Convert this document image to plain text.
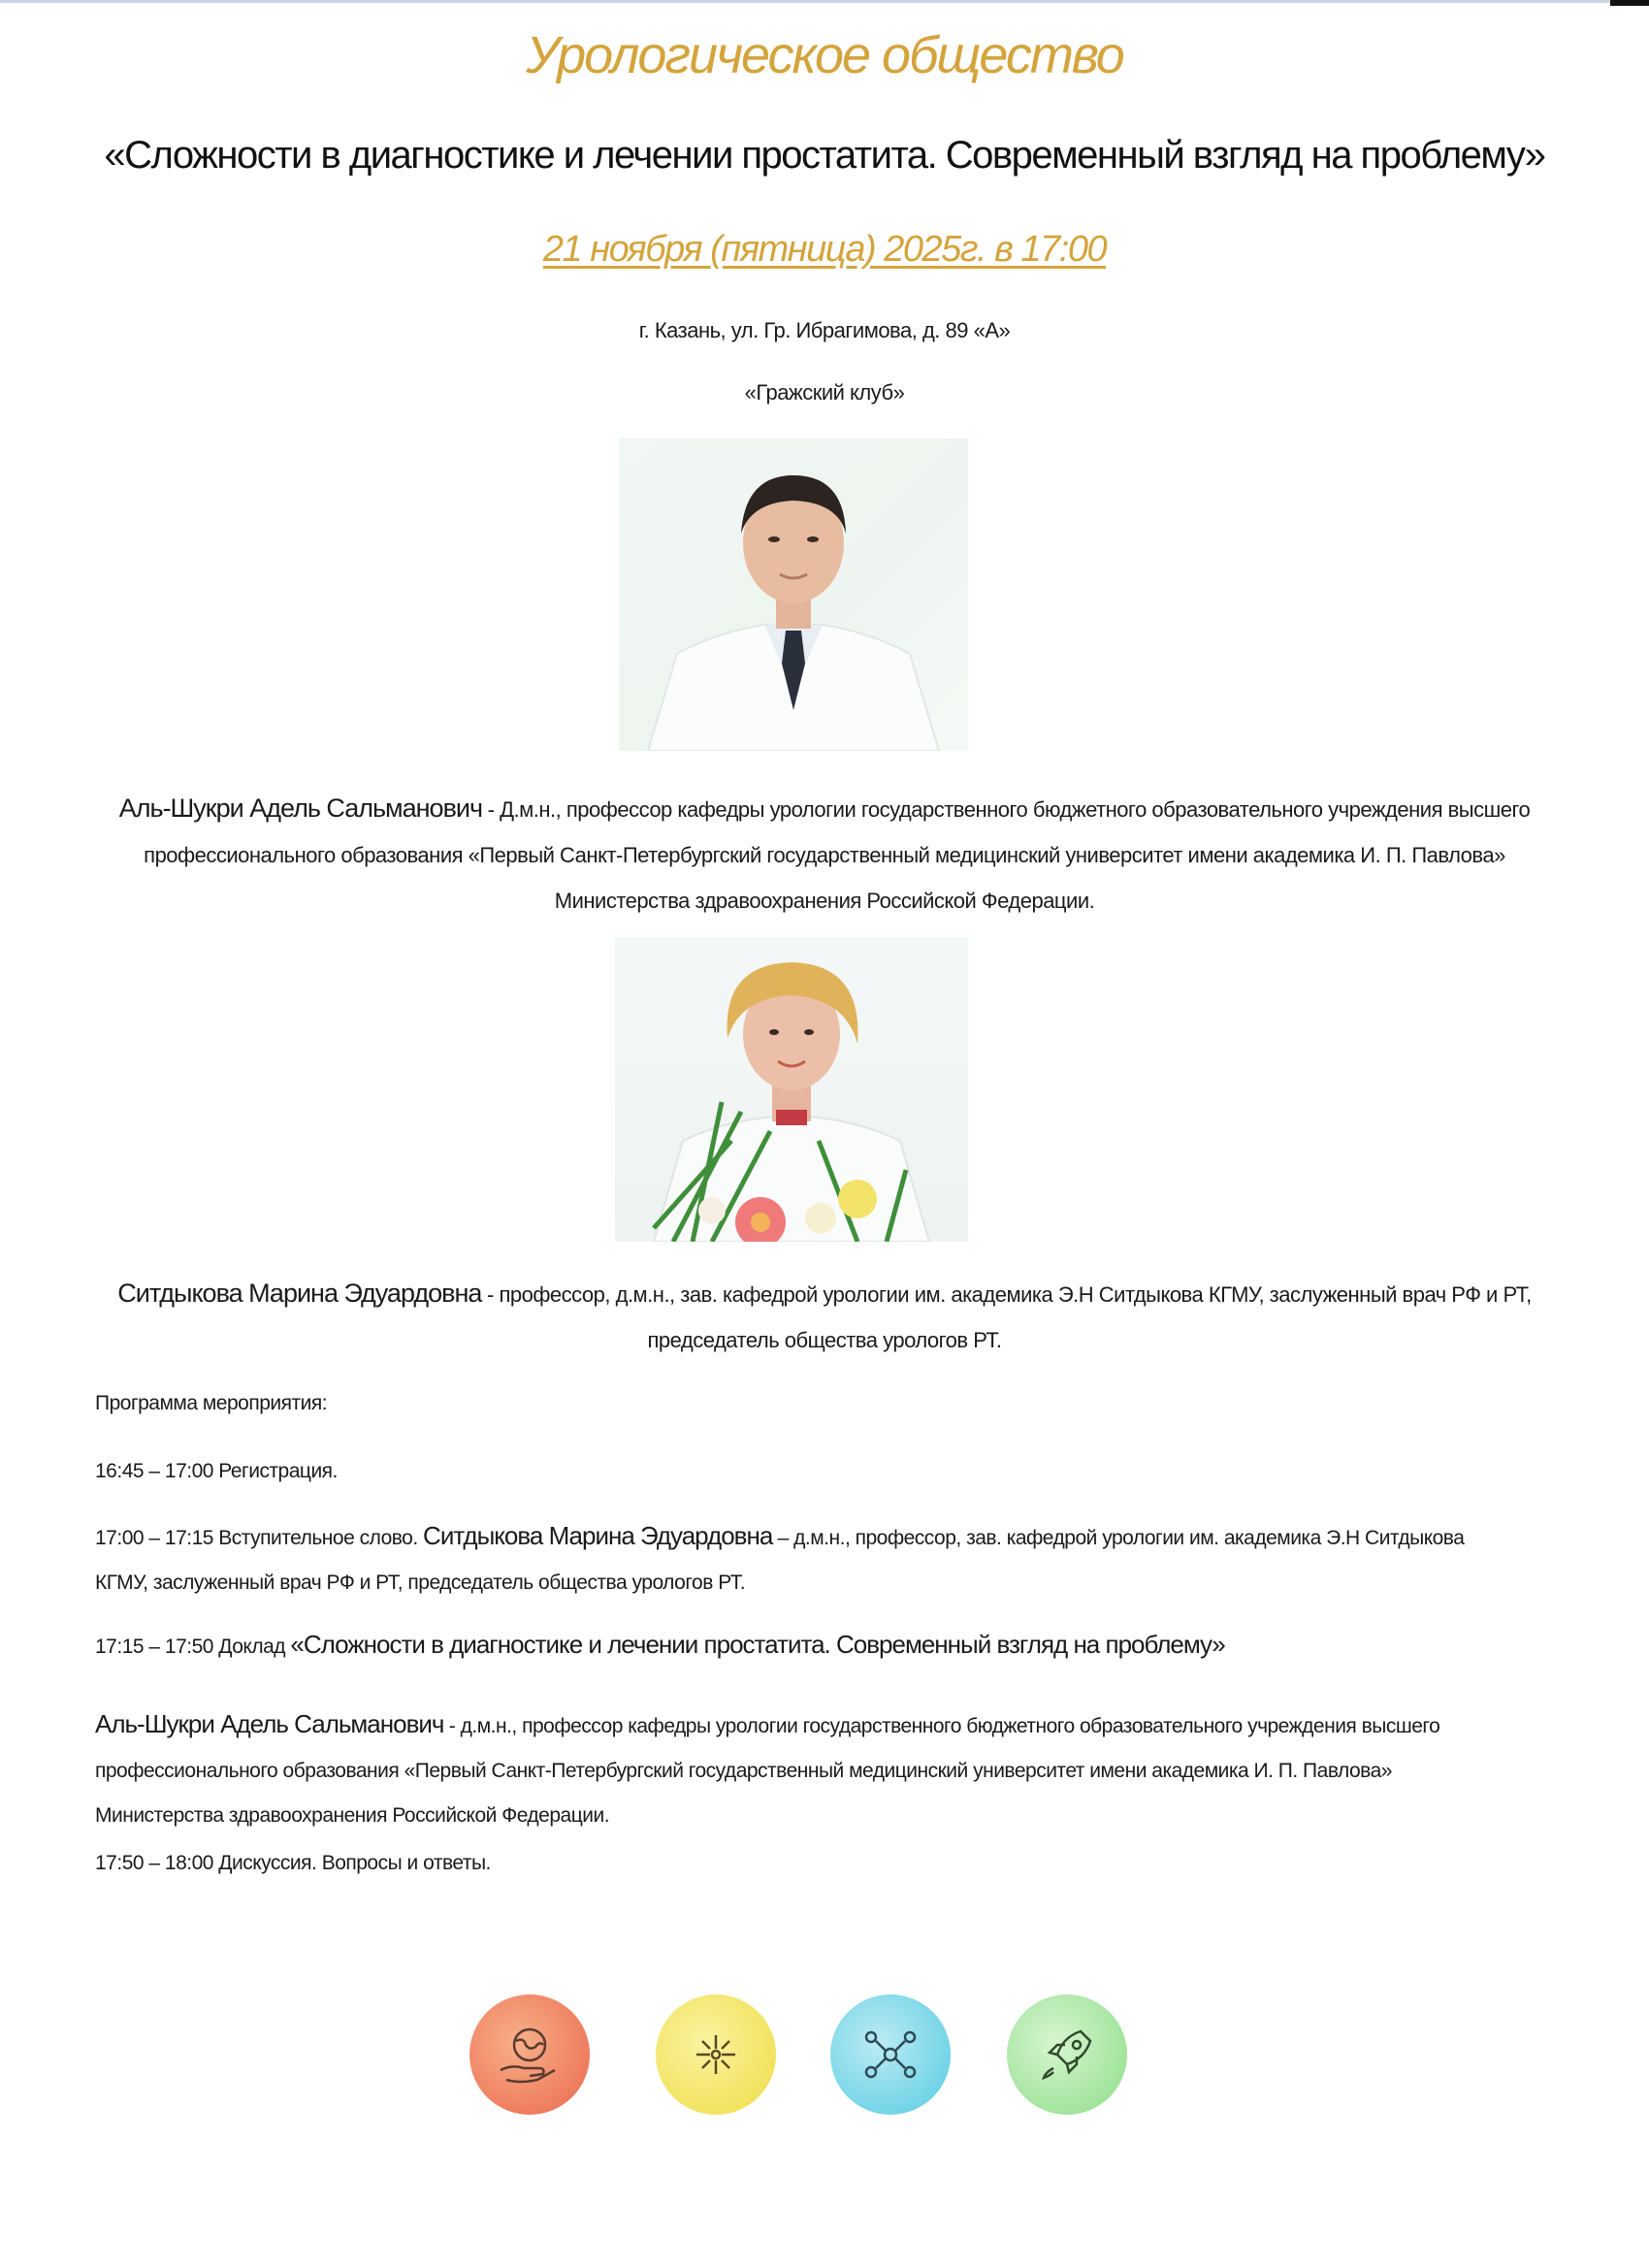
Урологическое общество
«Сложности в диагностике и лечении простатита. Современный взгляд на проблему»
21 ноября (пятница) 2025г. в 17:00
г. Казань, ул. Гр. Ибрагимова, д. 89 «А»
«Гражский клуб»
Аль-Шукри Адель Сальманович - Д.м.н., профессор кафедры урологии государственного бюджетного образовательного учреждения высшего
профессионального образования «Первый Санкт-Петербургский государственный медицинский университет имени академика И. П. Павлова»
Министерства здравоохранения Российской Федерации.
Ситдыкова Марина Эдуардовна - профессор, д.м.н., зав. кафедрой урологии им. академика Э.Н Ситдыкова КГМУ, заслуженный врач РФ и РТ,
председатель общества урологов РТ.
Программа мероприятия:
16:45 – 17:00 Регистрация.
17:00 – 17:15 Вступительное слово. Ситдыкова Марина Эдуардовна – д.м.н., профессор, зав. кафедрой урологии им. академика Э.Н Ситдыкова
КГМУ, заслуженный врач РФ и РТ, председатель общества урологов РТ.
17:15 – 17:50 Доклад «Сложности в диагностике и лечении простатита. Современный взгляд на проблему»
Аль-Шукри Адель Сальманович - д.м.н., профессор кафедры урологии государственного бюджетного образовательного учреждения высшего
профессионального образования «Первый Санкт-Петербургский государственный медицинский университет имени академика И. П. Павлова»
Министерства здравоохранения Российской Федерации.
17:50 – 18:00 Дискуссия. Вопросы и ответы.
